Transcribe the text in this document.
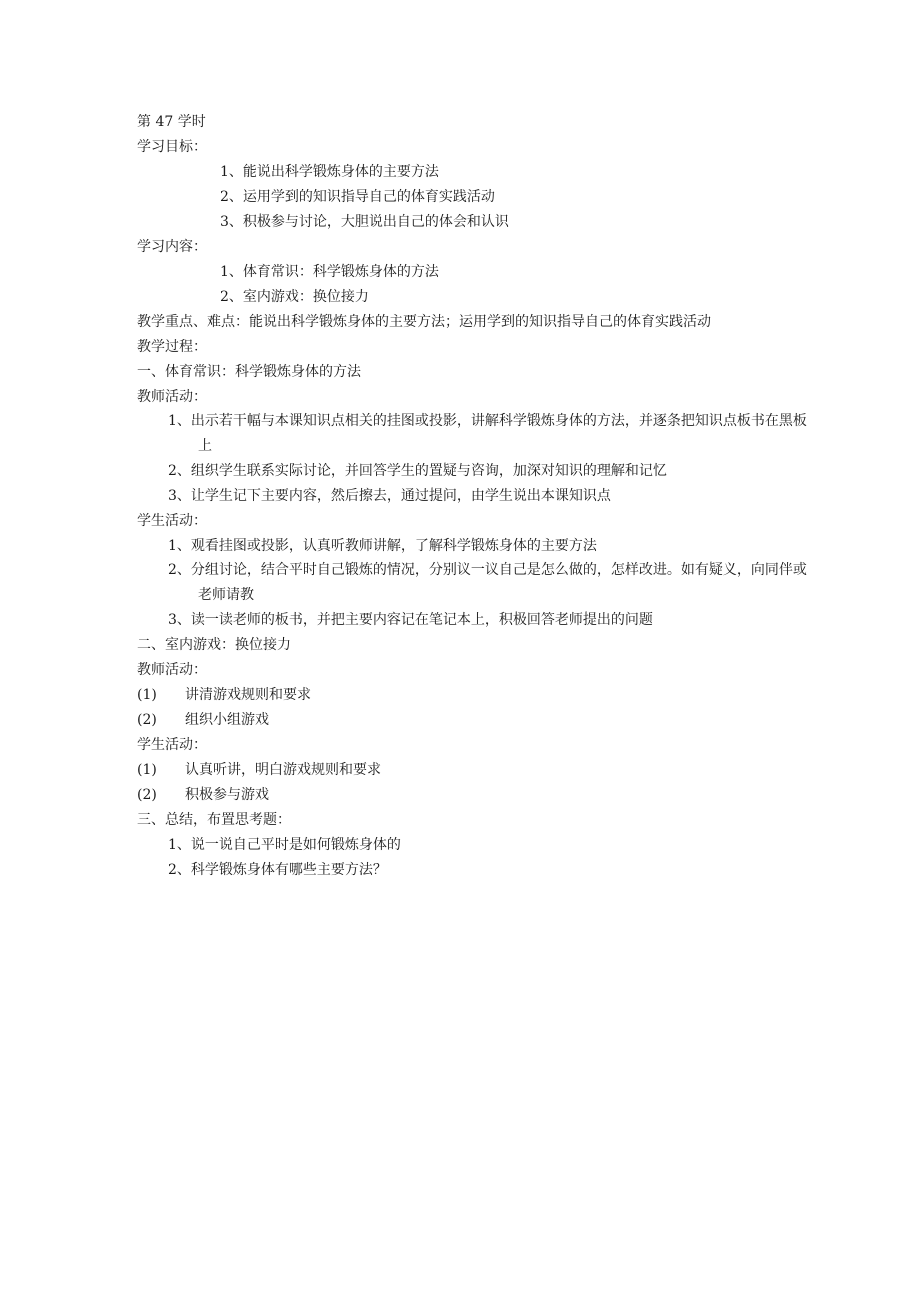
第 47 学时
学习目标：
1、能说出科学锻炼身体的主要方法
2、运用学到的知识指导自己的体育实践活动
3、积极参与讨论，大胆说出自己的体会和认识
学习内容：
1、体育常识：科学锻炼身体的方法
2、室内游戏：换位接力
教学重点、难点：能说出科学锻炼身体的主要方法；运用学到的知识指导自己的体育实践活动
教学过程：
一、体育常识：科学锻炼身体的方法
教师活动：
1、出示若干幅与本课知识点相关的挂图或投影，讲解科学锻炼身体的方法，并逐条把知识点板书在黑板上
2、组织学生联系实际讨论，并回答学生的置疑与咨询，加深对知识的理解和记忆
3、让学生记下主要内容，然后擦去，通过提问，由学生说出本课知识点
学生活动：
1、观看挂图或投影，认真听教师讲解，了解科学锻炼身体的主要方法
2、分组讨论，结合平时自己锻炼的情况，分别议一议自己是怎么做的，怎样改进。如有疑义，向同伴或老师请教
3、读一读老师的板书，并把主要内容记在笔记本上，积极回答老师提出的问题
二、室内游戏：换位接力
教师活动：
(1) 讲清游戏规则和要求
(2) 组织小组游戏
学生活动：
(1) 认真听讲，明白游戏规则和要求
(2) 积极参与游戏
三、总结，布置思考题：
1、说一说自己平时是如何锻炼身体的
2、科学锻炼身体有哪些主要方法？
